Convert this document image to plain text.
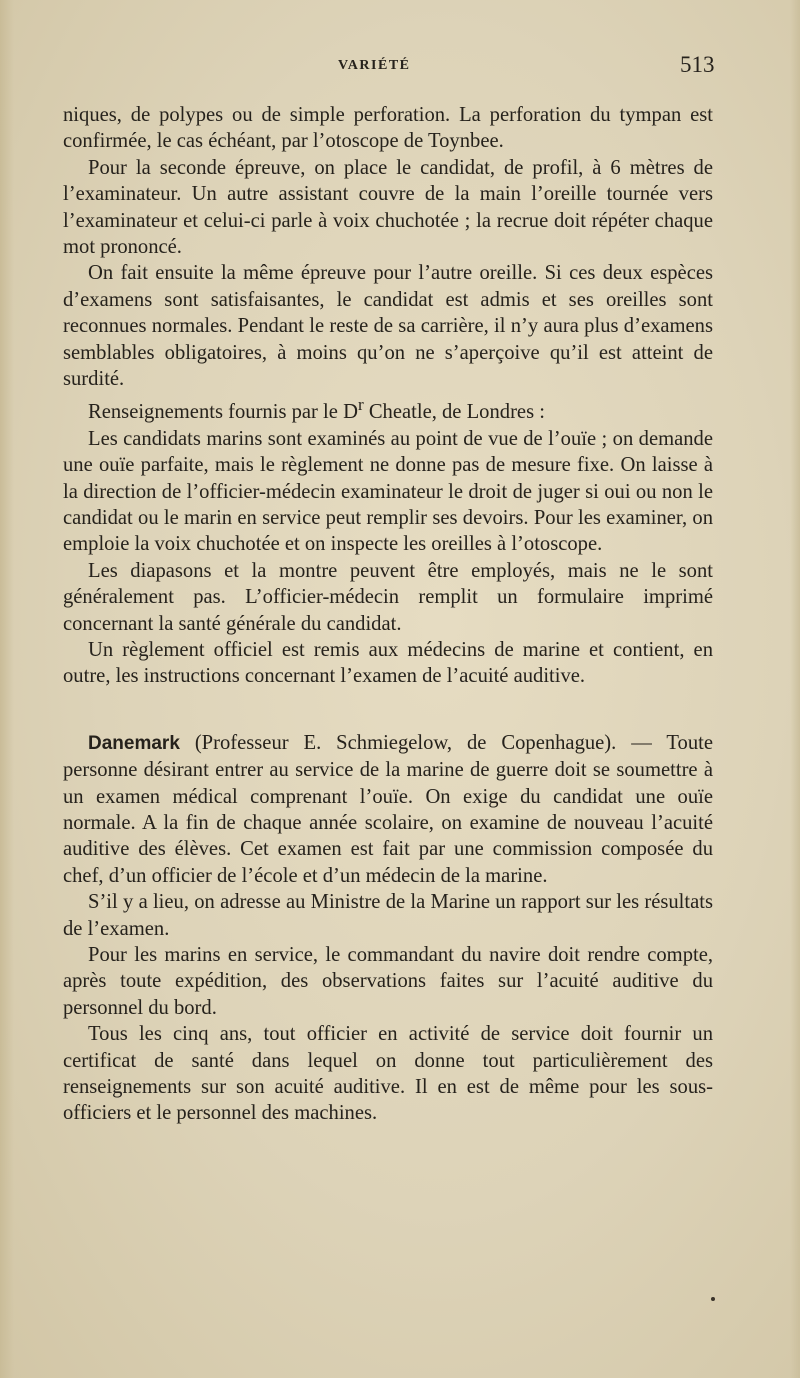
VARIÉTÉ	513

niques, de polypes ou de simple perforation. La perforation du tympan est confirmée, le cas échéant, par l’otoscope de Toynbee.

Pour la seconde épreuve, on place le candidat, de profil, à 6 mètres de l’examinateur. Un autre assistant couvre de la main l’oreille tournée vers l’examinateur et celui-ci parle à voix chuchotée ; la recrue doit répéter chaque mot prononcé.

On fait ensuite la même épreuve pour l’autre oreille. Si ces deux espèces d’examens sont satisfaisantes, le candidat est admis et ses oreilles sont reconnues normales. Pendant le reste de sa carrière, il n’y aura plus d’examens semblables obligatoires, à moins qu’on ne s’aperçoive qu’il est atteint de surdité.

Renseignements fournis par le $D^r$ Cheatle, de Londres :

Les candidats marins sont examinés au point de vue de l’ouïe ; on demande une ouïe parfaite, mais le règlement ne donne pas de mesure fixe. On laisse à la direction de l’officier-médecin examinateur le droit de juger si oui ou non le candidat ou le marin en service peut remplir ses devoirs. Pour les examiner, on emploie la voix chuchotée et on inspecte les oreilles à l’otoscope.

Les diapasons et la montre peuvent être employés, mais ne le sont généralement pas. L’officier-médecin remplit un formulaire imprimé concernant la santé générale du candidat.

Un règlement officiel est remis aux médecins de marine et contient, en outre, les instructions concernant l’examen de l’acuité auditive.

Danemark (Professeur E. Schmiegelow, de Copenhague). — Toute personne désirant entrer au service de la marine de guerre doit se soumettre à un examen médical comprenant l’ouïe. On exige du candidat une ouïe normale. A la fin de chaque année scolaire, on examine de nouveau l’acuité auditive des élèves. Cet examen est fait par une commission composée du chef, d’un officier de l’école et d’un médecin de la marine.

S’il y a lieu, on adresse au Ministre de la Marine un rapport sur les résultats de l’examen.

Pour les marins en service, le commandant du navire doit rendre compte, après toute expédition, des observations faites sur l’acuité auditive du personnel du bord.

Tous les cinq ans, tout officier en activité de service doit fournir un certificat de santé dans lequel on donne tout particulièrement des renseignements sur son acuité auditive. Il en est de même pour les sous-officiers et le personnel des machines.
